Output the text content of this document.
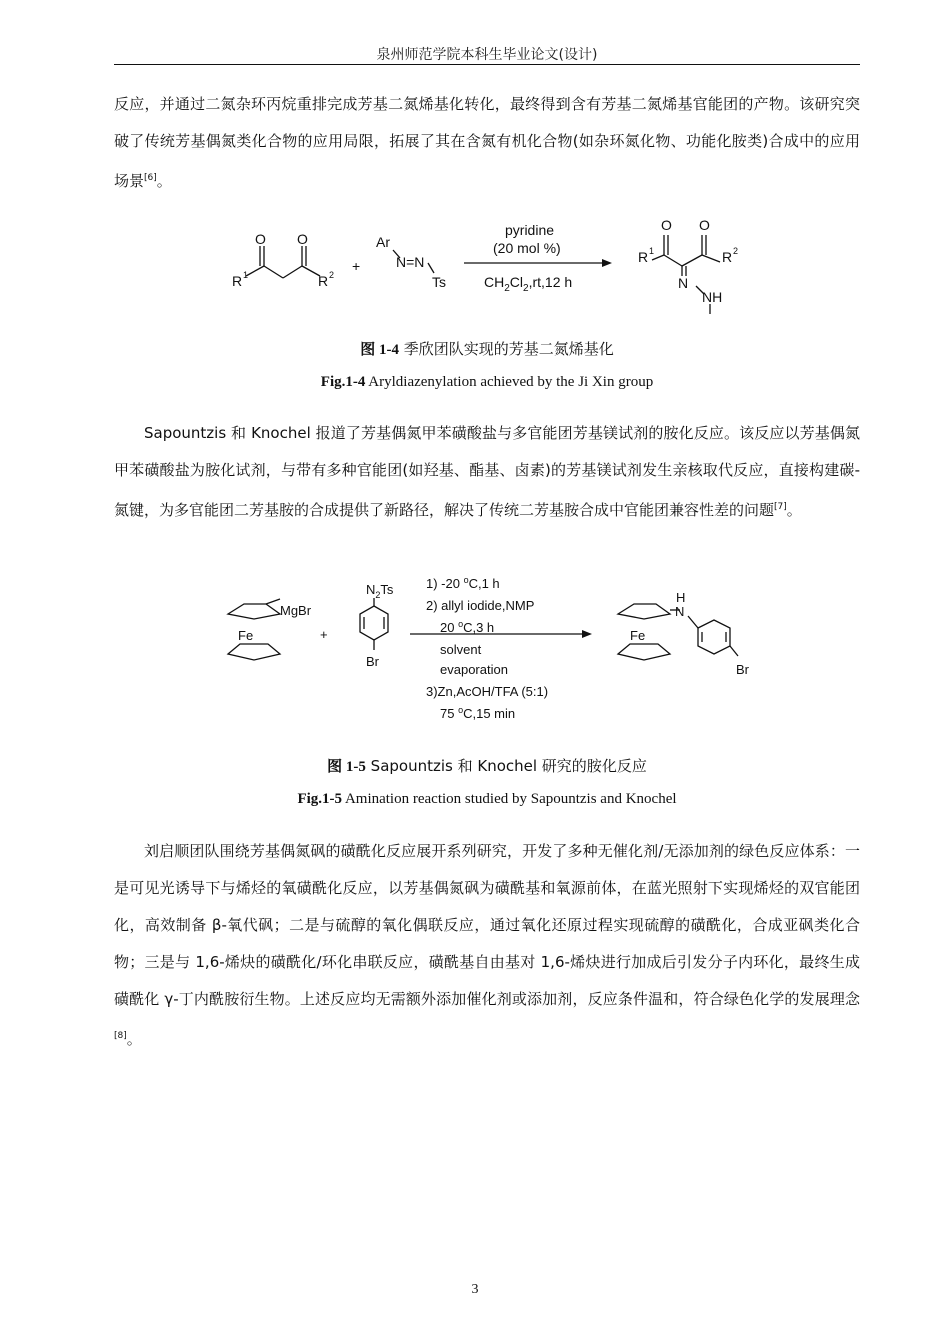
泉州师范学院本科生毕业论文(设计)
反应，并通过二氮杂环丙烷重排完成芳基二氮烯基化转化，最终得到含有芳基二氮烯基官能团的产物。该研究突破了传统芳基偶氮类化合物的应用局限，拓展了其在含氮有机化合物(如杂环氮化物、功能化胺类)合成中的应用场景[6]。
O O
R 1	R 2
+
Ar
N=N
Ts
pyridine
(20 mol %)
$CH_2Cl_2,rt,12$ h
O O
R 1	R 2
N
NH
图 1-4 季欣团队实现的芳基二氮烯基化
Fig.1-4 Aryldiazenylation achieved by the Ji Xin group
Sapountzis 和 Knochel 报道了芳基偶氮甲苯磺酸盐与多官能团芳基镁试剂的胺化反应。该反应以芳基偶氮甲苯磺酸盐为胺化试剂，与带有多种官能团(如羟基、酯基、卤素)的芳基镁试剂发生亲核取代反应，直接构建碳-氮键，为多官能团二芳基胺的合成提供了新路径，解决了传统二芳基胺合成中官能团兼容性差的问题[7]。
MgBr
Fe	+
$N_2Ts$
Br
1) -20 $^o$C,1 h
2) allyl iodide,NMP
20 $^o$C,3 h
solvent
evaporation
3)Zn,AcOH/TFA (5:1)
75 $^o$C,15 min
H
N
Fe
Br
图 1-5 Sapountzis 和 Knochel 研究的胺化反应
Fig.1-5 Amination reaction studied by Sapountzis and Knochel
刘启顺团队围绕芳基偶氮砜的磺酰化反应展开系列研究，开发了多种无催化剂/无添加剂的绿色反应体系：一是可见光诱导下与烯烃的氧磺酰化反应，以芳基偶氮砜为磺酰基和氧源前体，在蓝光照射下实现烯烃的双官能团化，高效制备 β-氧代砜；二是与硫醇的氧化偶联反应，通过氧化还原过程实现硫醇的磺酰化，合成亚砜类化合物；三是与 1,6-烯炔的磺酰化/环化串联反应，磺酰基自由基对 1,6-烯炔进行加成后引发分子内环化，最终生成磺酰化 γ-丁内酰胺衍生物。上述反应均无需额外添加催化剂或添加剂，反应条件温和，符合绿色化学的发展理念[8]。
3
